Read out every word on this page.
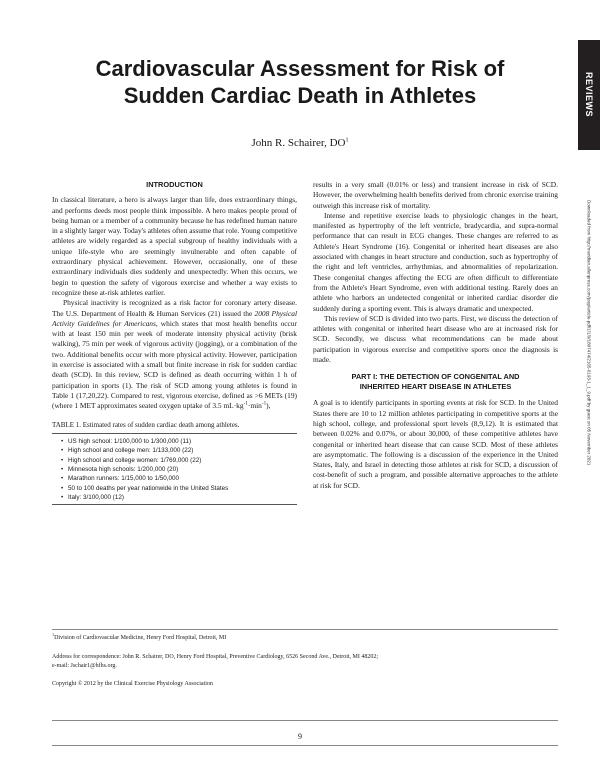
REVIEWS
Downloaded from http://meridian.allenpress.com/jcep/article-pdf/1/1/9/1807474/2165-6193-1_1_9.pdf by guest on 05 November 2021
Cardiovascular Assessment for Risk of
Sudden Cardiac Death in Athletes
John R. Schairer, $DO^1$
INTRODUCTION

In classical literature, a hero is always larger than life, does extraordinary things, and performs deeds most people think impossible. A hero makes people proud of being human or a member of a community because he has redefined human nature in a slightly larger way. Today's athletes often assume that role. Young competitive athletes are widely regarded as a special subgroup of healthy individuals with a unique life-style who are seemingly invulnerable and often capable of extraordinary physical achievement. However, occasionally, one of these extraordinary individuals dies suddenly and unexpectedly. When this occurs, we begin to question the safety of vigorous exercise and whether a way exists to recognize these at-risk athletes earlier.

Physical inactivity is recognized as a risk factor for coronary artery disease. The U.S. Department of Health & Human Services (21) issued the 2008 Physical Activity Guidelines for Americans, which states that most health benefits occur with at least 150 min per week of moderate intensity physical activity (brisk walking), 75 min per week of vigorous activity (jogging), or a combination of the two. Additional benefits occur with more physical activity. However, participation in exercise is associated with a small but finite increase in risk for sudden cardiac death (SCD). In this review, SCD is defined as death occurring within 1 h of participation in sports (1). The risk of SCD among young athletes is found in Table 1 (17,20,22). Compared to rest, vigorous exercise, defined as >6 METs (19) (where 1 MET approximates seated oxygen uptake of 3.5 $mL\cdot kg^{-1}\cdot\min^{-1}$),

TABLE 1. Estimated rates of sudden cardiac death among athletes.
• US high school: 1/100,000 to 1/300,000 (11)
• High school and college men: 1/133,000 (22)
• High school and college women: 1/769,000 (22)
• Minnesota high schools: 1/200,000 (20)
• Marathon runners: 1/15,000 to 1/50,000
• 50 to 100 deaths per year nationwide in the United States
• Italy: 3/100,000 (12)

results in a very small (0.01% or less) and transient increase in risk of SCD. However, the overwhelming health benefits derived from chronic exercise training outweigh this increase risk of mortality.

Intense and repetitive exercise leads to physiologic changes in the heart, manifested as hypertrophy of the left ventricle, bradycardia, and supra-normal performance that can result in ECG changes. These changes are referred to as Athlete's Heart Syndrome (16). Congenital or inherited heart diseases are also associated with changes in heart structure and conduction, such as hypertrophy of the right and left ventricles, arrhythmias, and abnormalities of repolarization. These congenital changes affecting the ECG are often difficult to differentiate from the Athlete's Heart Syndrome, even with additional testing. Rarely does an athlete who harbors an undetected congenital or inherited cardiac disorder die suddenly during a sporting event. This is always dramatic and unexpected.

This review of SCD is divided into two parts. First, we discuss the detection of athletes with congenital or inherited heart disease who are at increased risk for SCD. Secondly, we discuss what recommendations can be made about participation in vigorous exercise and competitive sports once the diagnosis is made.

PART I: THE DETECTION OF CONGENITAL AND
INHERITED HEART DISEASE IN ATHLETES

A goal is to identify participants in sporting events at risk for SCD. In the United States there are 10 to 12 million athletes participating in competitive sports at the high school, college, and professional sport levels (8,9,12). It is estimated that between 0.02% and 0.07%, or about 30,000, of these competitive athletes have congenital or inherited heart disease that can cause SCD. Most of these athletes are asymptomatic. The following is a discussion of the experience in the United States, Italy, and Israel in detecting those athletes at risk for SCD, a discussion of cost-benefit of such a program, and possible alternative approaches to the athlete at risk for SCD.

$^1$Division of Cardiovascular Medicine, Henry Ford Hospital, Detroit, MI
Address for correspondence: John R. Schairer, DO, Henry Ford Hospital, Preventive Cardiology, 6526 Second Ave., Detroit, MI 48202;
e-mail: Jschair1@hfhs.org.
Copyright © 2012 by the Clinical Exercise Physiology Association
9
